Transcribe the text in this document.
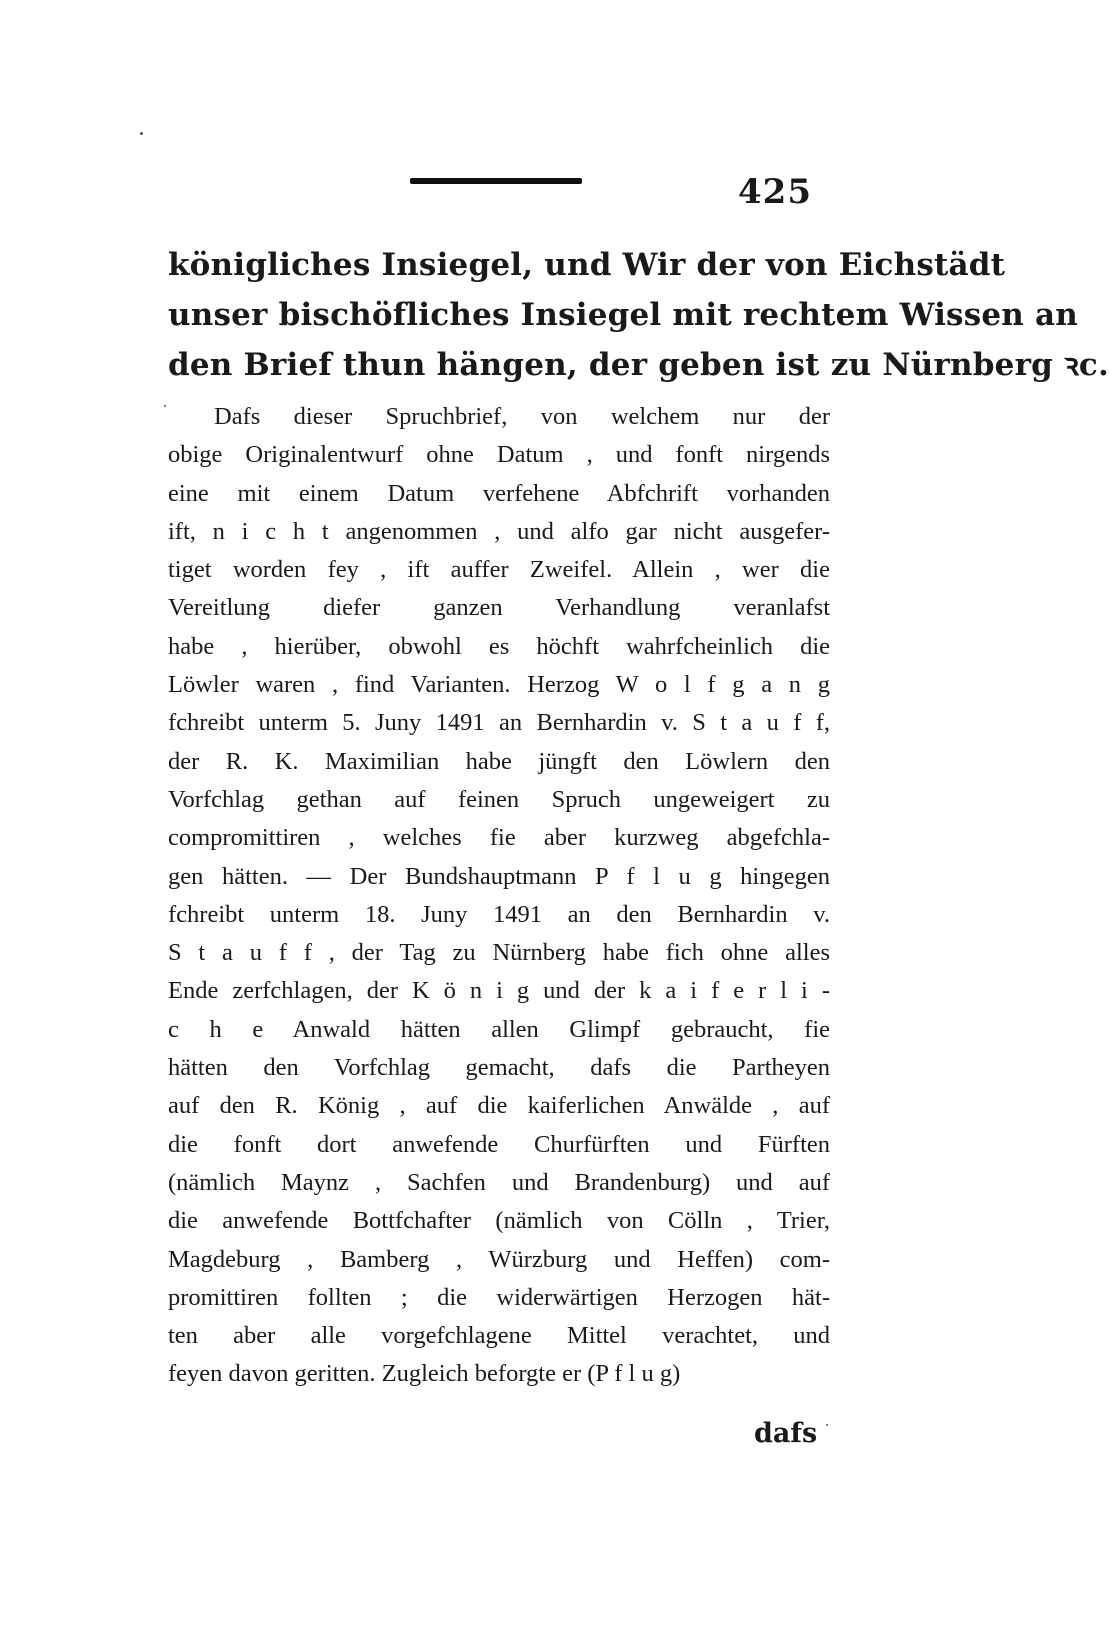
425
königliches Insiegel, und Wir der von Eichstädt
unser bischöfliches Insiegel mit rechtem Wissen an
den Brief thun hängen, der geben ist zu Nürnberg ꝛc.
Dafs dieser Spruchbrief, von welchem nur der
obige Originalentwurf ohne Datum , und fonft nirgends
eine mit einem Datum verfehene Abfchrift vorhanden
ift, n i c h t angenommen , und alfo gar nicht ausgefer-
tiget worden fey , ift auffer Zweifel. Allein , wer die
Vereitlung diefer ganzen Verhandlung veranlafst
habe , hierüber, obwohl es höchft wahrfcheinlich die
Löwler waren , find Varianten. Herzog W o l f g a n g
fchreibt unterm 5. Juny 1491 an Bernhardin v. S t a u f f,
der R. K. Maximilian habe jüngft den Löwlern den
Vorfchlag gethan auf feinen Spruch ungeweigert zu
compromittiren , welches fie aber kurzweg abgefchla-
gen hätten. — Der Bundshauptmann P f l u g hingegen
fchreibt unterm 18. Juny 1491 an den Bernhardin v.
S t a u f f , der Tag zu Nürnberg habe fich ohne alles
Ende zerfchlagen, der K ö n i g und der k a i f e r l i -
c h e Anwald hätten allen Glimpf gebraucht, fie
hätten den Vorfchlag gemacht, dafs die Partheyen
auf den R. König , auf die kaiferlichen Anwälde , auf
die fonft dort anwefende Churfürften und Fürften
(nämlich Maynz , Sachfen und Brandenburg) und auf
die anwefende Bottfchafter (nämlich von Cölln , Trier,
Magdeburg , Bamberg , Würzburg und Heffen) com-
promittiren follten ; die widerwärtigen Herzogen hät-
ten aber alle vorgefchlagene Mittel verachtet, und
feyen davon geritten. Zugleich beforgte er (P f l u g)
dafs
